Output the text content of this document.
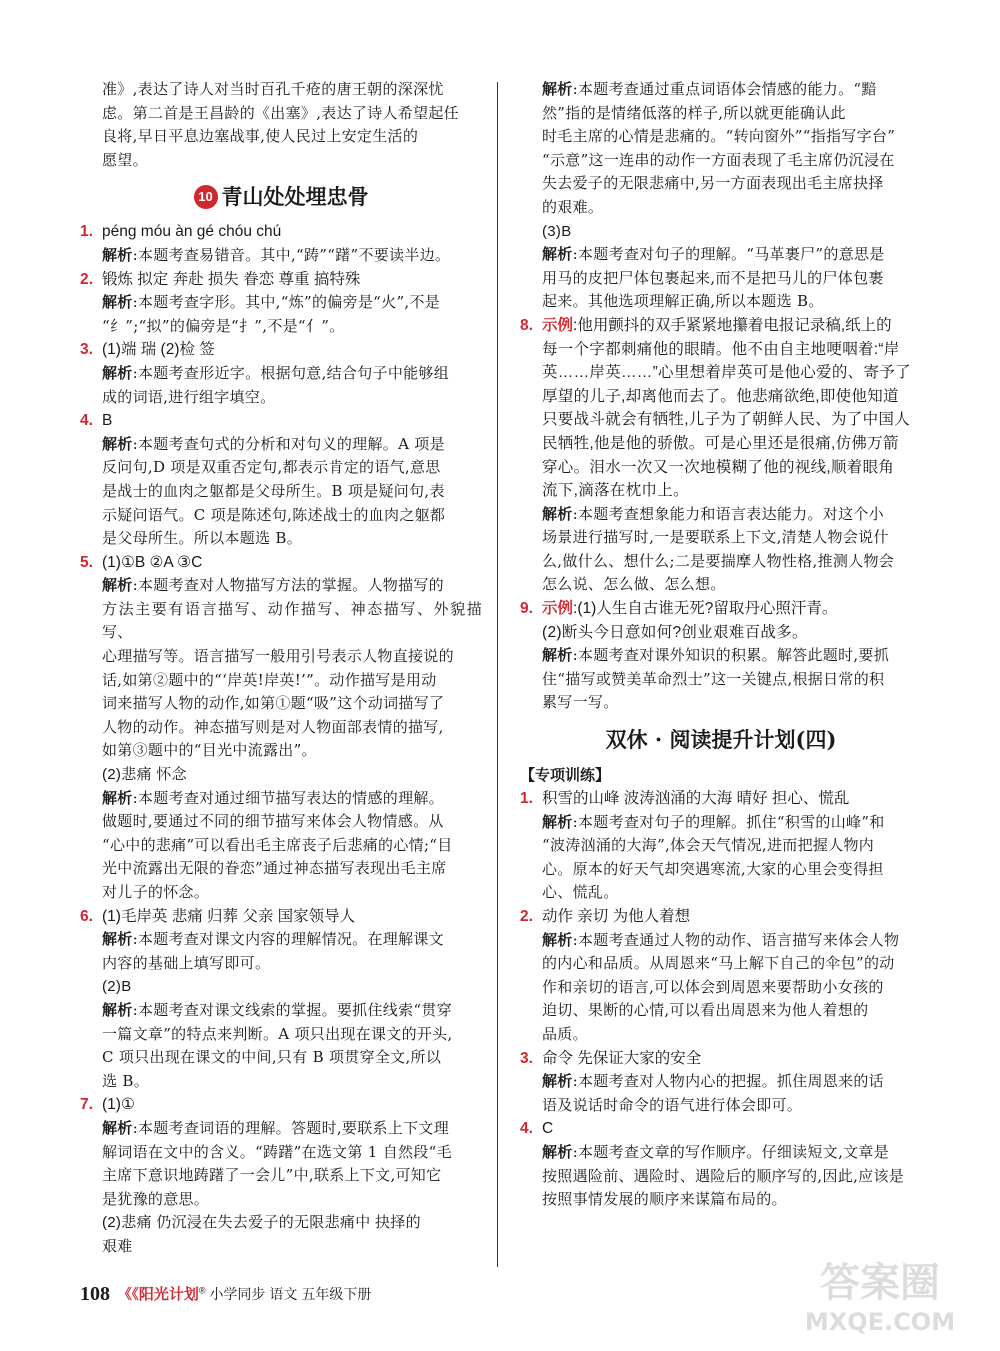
准》,表达了诗人对当时百孔千疮的唐王朝的深深忧

虑。第二首是王昌龄的《出塞》,表达了诗人希望起任

良将,早日平息边塞战事,使人民过上安定生活的

愿望。

10 青山处处埋忠骨
1. péng móu àn gé chóu chú

解析:本题考查易错音。其中,“踌”“躇”不要读半边。

2. 锻炼 拟定 奔赴 损失 眷恋 尊重 搞特殊

解析:本题考查字形。其中,“炼”的偏旁是“火”,不是

“纟”;“拟”的偏旁是“扌”,不是“亻”。

3. (1)端 瑞 (2)检 签

解析:本题考查形近字。根据句意,结合句子中能够组

成的词语,进行组字填空。

4. B

解析:本题考查句式的分析和对句义的理解。A 项是

反问句,D 项是双重否定句,都表示肯定的语气,意思

是战士的血肉之躯都是父母所生。B 项是疑问句,表

示疑问语气。C 项是陈述句,陈述战士的血肉之躯都

是父母所生。所以本题选 B。

5. (1)①B ②A ③C

解析:本题考查对人物描写方法的掌握。人物描写的

方法主要有语言描写、动作描写、神态描写、外貌描写、

心理描写等。语言描写一般用引号表示人物直接说的

话,如第②题中的“‘岸英!岸英!’”。动作描写是用动

词来描写人物的动作,如第①题“吸”这个动词描写了

人物的动作。神态描写则是对人物面部表情的描写,

如第③题中的“目光中流露出”。

(2)悲痛 怀念

解析:本题考查对通过细节描写表达的情感的理解。

做题时,要通过不同的细节描写来体会人物情感。从

“心中的悲痛”可以看出毛主席丧子后悲痛的心情;“目

光中流露出无限的眷恋”通过神态描写表现出毛主席

对儿子的怀念。

6. (1)毛岸英 悲痛 归葬 父亲 国家领导人

解析:本题考查对课文内容的理解情况。在理解课文

内容的基础上填写即可。

(2)B

解析:本题考查对课文线索的掌握。要抓住线索“贯穿

一篇文章”的特点来判断。A 项只出现在课文的开头,

C 项只出现在课文的中间,只有 B 项贯穿全文,所以

选 B。

7. (1)①

解析:本题考查词语的理解。答题时,要联系上下文理

解词语在文中的含义。“踌躇”在选文第 1 自然段“毛

主席下意识地踌躇了一会儿”中,联系上下文,可知它

是犹豫的意思。

(2)悲痛 仍沉浸在失去爱子的无限悲痛中 抉择的

艰难

解析:本题考查通过重点词语体会情感的能力。“黯

然”指的是情绪低落的样子,所以就更能确认此

时毛主席的心情是悲痛的。“转向窗外”“指指写字台”

“示意”这一连串的动作一方面表现了毛主席仍沉浸在

失去爱子的无限悲痛中,另一方面表现出毛主席抉择

的艰难。

(3)B

解析:本题考查对句子的理解。“马革裹尸”的意思是

用马的皮把尸体包裹起来,而不是把马儿的尸体包裹

起来。其他选项理解正确,所以本题选 B。

8. 示例:他用颤抖的双手紧紧地攥着电报记录稿,纸上的

每一个字都刺痛他的眼睛。他不由自主地哽咽着:“岸

英……岸英……”心里想着岸英可是他心爱的、寄予了

厚望的儿子,却离他而去了。他悲痛欲绝,即使他知道

只要战斗就会有牺牲,儿子为了朝鲜人民、为了中国人

民牺牲,他是他的骄傲。可是心里还是很痛,仿佛万箭

穿心。泪水一次又一次地模糊了他的视线,顺着眼角

流下,滴落在枕巾上。

解析:本题考查想象能力和语言表达能力。对这个小

场景进行描写时,一是要联系上下文,清楚人物会说什

么,做什么、想什么;二是要揣摩人物性格,推测人物会

怎么说、怎么做、怎么想。

9. 示例:(1)人生自古谁无死?留取丹心照汗青。

(2)断头今日意如何?创业艰难百战多。

解析:本题考查对课外知识的积累。解答此题时,要抓

住“描写或赞美革命烈士”这一关键点,根据日常的积

累写一写。

双休 · 阅读提升计划(四)
【专项训练】
1. 积雪的山峰 波涛汹涌的大海 晴好 担心、慌乱

解析:本题考查对句子的理解。抓住“积雪的山峰”和

“波涛汹涌的大海”,体会天气情况,进而把握人物内

心。原本的好天气却突遇寒流,大家的心里会变得担

心、慌乱。

2. 动作 亲切 为他人着想

解析:本题考查通过人物的动作、语言描写来体会人物

的内心和品质。从周恩来“马上解下自己的伞包”的动

作和亲切的语言,可以体会到周恩来要帮助小女孩的

迫切、果断的心情,可以看出周恩来为他人着想的

品质。

3. 命令 先保证大家的安全

解析:本题考查对人物内心的把握。抓住周恩来的话

语及说话时命令的语气进行体会即可。

4. C

解析:本题考查文章的写作顺序。仔细读短文,文章是

按照遇险前、遇险时、遇险后的顺序写的,因此,应该是

按照事情发展的顺序来谋篇布局的。

108 《《阳光计划® 小学同步 语文 五年级下册	答案圈
MXQE.COM
